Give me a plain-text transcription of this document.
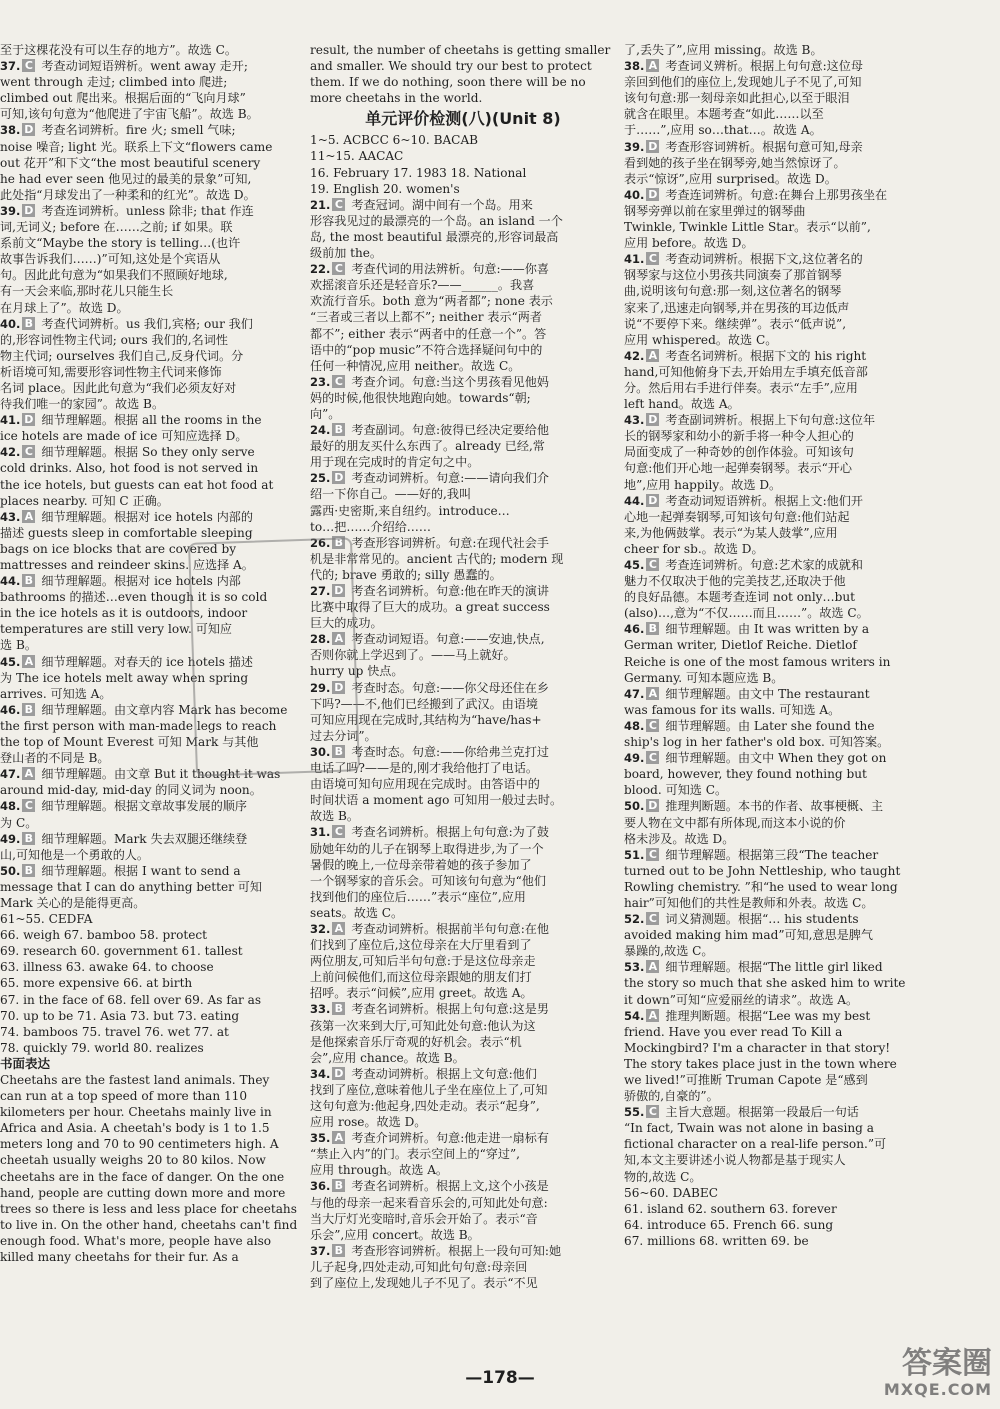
至于这棵花没有可以生存的地方”。故选 C。

37. C 考查动词短语辨析。went away 走开;

went through 走过; climbed into 爬进;

climbed out 爬出来。根据后面的“飞向月球”

可知,该句句意为“他爬进了宇宙飞船”。故选 B。

38. D 考查名词辨析。fire 火; smell 气味;

noise 噪音; light 光。联系上下文“flowers came

out 花开”和下文“the most beautiful scenery

he had ever seen 他见过的最美的景象”可知,

此处指“月球发出了一种柔和的红光”。故选 D。

39. D 考查连词辨析。unless 除非; that 作连

词,无词义; before 在……之前; if 如果。联

系前文“Maybe the story is telling…(也许

故事告诉我们……)”可知,这处是个宾语从

句。因此此句意为“如果我们不照顾好地球,

有一天会来临,那时花儿只能生长

在月球上了”。故选 D。

40. B 考查代词辨析。us 我们,宾格; our 我们

的,形容词性物主代词; ours 我们的,名词性

物主代词; ourselves 我们自己,反身代词。分

析语境可知,需要形容词性物主代词来修饰

名词 place。因此此句意为“我们必须友好对

待我们唯一的家园”。故选 B。

41. D 细节理解题。根据 all the rooms in the

ice hotels are made of ice 可知应选择 D。

42. C 细节理解题。根据 So they only serve

cold drinks. Also, hot food is not served in

the ice hotels, but guests can eat hot food at

places nearby. 可知 C 正确。

43. A 细节理解题。根据对 ice hotels 内部的

描述 guests sleep in comfortable sleeping

bags on ice blocks that are covered by

mattresses and reindeer skins. 应选择 A。

44. B 细节理解题。根据对 ice hotels 内部

bathrooms 的描述…even though it is so cold

in the ice hotels as it is outdoors, indoor

temperatures are still very low. 可知应

选 B。

45. A 细节理解题。对春天的 ice hotels 描述

为 The ice hotels melt away when spring

arrives. 可知选 A。

46. B 细节理解题。由文章内容 Mark has become

the first person with man-made legs to reach

the top of Mount Everest 可知 Mark 与其他

登山者的不同是 B。

47. A 细节理解题。由文章 But it thought it was

around mid-day, mid-day 的同义词为 noon。

48. C 细节理解题。根据文章故事发展的顺序

为 C。

49. B 细节理解题。Mark 失去双腿还继续登

山,可知他是一个勇敢的人。

50. B 细节理解题。根据 I want to send a

message that I can do anything better 可知

Mark 关心的是能得更高。

61~55. CEDFA

66. weigh 67. bamboo 58. protect

69. research 60. government 61. tallest

63. illness 63. awake 64. to choose

65. more expensive 66. at birth

67. in the face of 68. fell over 69. As far as

70. up to be 71. Asia 73. but 73. eating

74. bamboos 75. travel 76. wet 77. at

78. quickly 79. world 80. realizes

书面表达

Cheetahs are the fastest land animals. They

can run at a top speed of more than 110

kilometers per hour. Cheetahs mainly live in

Africa and Asia. A cheetah's body is 1 to 1.5

meters long and 70 to 90 centimeters high. A

cheetah usually weighs 20 to 80 kilos. Now

cheetahs are in the face of danger. On the one

hand, people are cutting down more and more

trees so there is less and less place for cheetahs

to live in. On the other hand, cheetahs can't find

enough food. What's more, people have also

killed many cheetahs for their fur. As a

result, the number of cheetahs is getting smaller

and smaller. We should try our best to protect

them. If we do nothing, soon there will be no

more cheetahs in the world.

单元评价检测(八)(Unit 8)

1~5. ACBCC 6~10. BACAB

11~15. AACAC

16. February 17. 1983 18. National

19. English 20. women's

21. C 考查冠词。湖中间有一个岛。用来

形容我见过的最漂亮的一个岛。an island 一个

岛, the most beautiful 最漂亮的,形容词最高

级前加 the。

22. C 考查代词的用法辨析。句意:——你喜

欢摇滚音乐还是轻音乐?——______。我喜

欢流行音乐。both 意为“两者都”; none 表示

“三者或三者以上都不”; neither 表示“两者

都不”; either 表示“两者中的任意一个”。答

语中的“pop music”不符合选择疑问句中的

任何一种情况,应用 neither。故选 C。

23. C 考查介词。句意:当这个男孩看见他妈

妈的时候,他很快地跑向她。towards“朝;

向”。

24. B 考查副词。句意:彼得已经决定要给他

最好的朋友买什么东西了。already 已经,常

用于现在完成时的肯定句之中。

25. D 考查动词辨析。句意:——请向我们介

绍一下你自己。——好的,我叫

露西·史密斯,来自纽约。introduce…

to…把……介绍给……

26. B 考查形容词辨析。句意:在现代社会手

机是非常常见的。ancient 古代的; modern 现

代的; brave 勇敢的; silly 愚蠢的。

27. D 考查名词辨析。句意:他在昨天的演讲

比赛中取得了巨大的成功。a great success

巨大的成功。

28. A 考查动词短语。句意:——安迪,快点,

否则你就上学迟到了。——马上就好。

hurry up 快点。

29. D 考查时态。句意:——你父母还住在乡

下吗?——不,他们已经搬到了武汉。由语境

可知应用现在完成时,其结构为“have/has+

过去分词”。

30. B 考查时态。句意:——你给弗兰克打过

电话了吗?——是的,刚才我给他打了电话。

由语境可知句应用现在完成时。由答语中的

时间状语 a moment ago 可知用一般过去时。

故选 B。

31. C 考查名词辨析。根据上句句意:为了鼓

励她年幼的儿子在钢琴上取得进步,为了一个

暑假的晚上,一位母亲带着她的孩子参加了

一个钢琴家的音乐会。可知该句句意为“他们

找到他们的座位后……”表示“座位”,应用

seats。故选 C。

32. A 考查动词辨析。根据前半句句意:在他

们找到了座位后,这位母亲在大厅里看到了

两位朋友,可知后半句句意:于是这位母亲走

上前问候他们,而这位母亲跟她的朋友们打

招呼。表示“问候”,应用 greet。故选 A。

33. B 考查名词辨析。根据上句句意:这是男

孩第一次来到大厅,可知此处句意:他认为这

是他探索音乐厅奇观的好机会。表示“机

会”,应用 chance。故选 B。

34. D 考查动词辨析。根据上文句意:他们

找到了座位,意味着他儿子坐在座位上了,可知

这句句意为:他起身,四处走动。表示“起身”,

应用 rose。故选 D。

35. A 考查介词辨析。句意:他走进一扇标有

“禁止入内”的门。表示空间上的“穿过”,

应用 through。故选 A。

36. B 考查名词辨析。根据上文,这个小孩是

与他的母亲一起来看音乐会的,可知此处句意:

当大厅灯光变暗时,音乐会开始了。表示“音

乐会”,应用 concert。故选 B。

37. B 考查形容词辨析。根据上一段句可知:她

儿子起身,四处走动,可知此句句意:母亲回

到了座位上,发现她儿子不见了。表示“不见

了,丢失了”,应用 missing。故选 B。

38. A 考查词义辨析。根据上句句意:这位母

亲回到他们的座位上,发现她儿子不见了,可知

该句句意:那一刻母亲如此担心,以至于眼泪

就含在眼里。本题考查“如此……以至

于……”,应用 so…that…。故选 A。

39. D 考查形容词辨析。根据句意可知,母亲

看到她的孩子坐在钢琴旁,她当然惊讶了。

表示“惊讶”,应用 surprised。故选 D。

40. D 考查连词辨析。句意:在舞台上那男孩坐在

钢琴旁弹以前在家里弹过的钢琴曲

Twinkle, Twinkle Little Star。表示“以前”,

应用 before。故选 D。

41. C 考查动词辨析。根据下文,这位著名的

钢琴家与这位小男孩共同演奏了那首钢琴

曲,说明该句句意:那一刻,这位著名的钢琴

家来了,迅速走向钢琴,并在男孩的耳边低声

说“不要停下来。继续弹”。表示“低声说”,

应用 whispered。故选 C。

42. A 考查名词辨析。根据下文的 his right

hand,可知他俯身下去,开始用左手填充低音部

分。然后用右手进行伴奏。表示“左手”,应用

left hand。故选 A。

43. D 考查副词辨析。根据上下句句意:这位年

长的钢琴家和幼小的新手将一种令人担心的

局面变成了一种奇妙的创作体验。可知该句

句意:他们开心地一起弹奏钢琴。表示“开心

地”,应用 happily。故选 D。

44. D 考查动词短语辨析。根据上文:他们开

心地一起弹奏钢琴,可知该句句意:他们站起

来,为他俩鼓掌。表示“为某人鼓掌”,应用

cheer for sb.。故选 D。

45. C 考查连词辨析。句意:艺术家的成就和

魅力不仅取决于他的完美技艺,还取决于他

的良好品德。本题考查连词 not only…but

(also)…,意为“不仅……而且……”。故选 C。

46. B 细节理解题。由 It was written by a

German writer, Dietlof Reiche. Dietlof

Reiche is one of the most famous writers in

Germany. 可知本题应选 B。

47. A 细节理解题。由文中 The restaurant

was famous for its walls. 可知选 A。

48. C 细节理解题。由 Later she found the

ship's log in her father's old box. 可知答案。

49. C 细节理解题。由文中 When they got on

board, however, they found nothing but

blood. 可知选 C。

50. D 推理判断题。本书的作者、故事梗概、主

要人物在文中都有所体现,而这本小说的价

格未涉及。故选 D。

51. C 细节理解题。根据第三段“The teacher

turned out to be John Nettleship, who taught

Rowling chemistry. ”和“he used to wear long

hair”可知他们的共性是教师和外表。故选 C。

52. C 词义猜测题。根据“… his students

avoided making him mad”可知,意思是脾气

暴躁的,故选 C。

53. A 细节理解题。根据“The little girl liked

the story so much that she asked him to write

it down”可知“应爱丽丝的请求”。故选 A。

54. A 推理判断题。根据“Lee was my best

friend. Have you ever read To Kill a

Mockingbird? I'm a character in that story!

The story takes place just in the town where

we lived!”可推断 Truman Capote 是“感到

骄傲的,自豪的”。

55. C 主旨大意题。根据第一段最后一句话

“In fact, Twain was not alone in basing a

fictional character on a real-life person.”可

知,本文主要讲述小说人物都是基于现实人

物的,故选 C。

56~60. DABEC

61. island 62. southern 63. forever

64. introduce 65. French 66. sung

67. millions 68. written 69. be

—178—	答案圈
MXQE.COM
